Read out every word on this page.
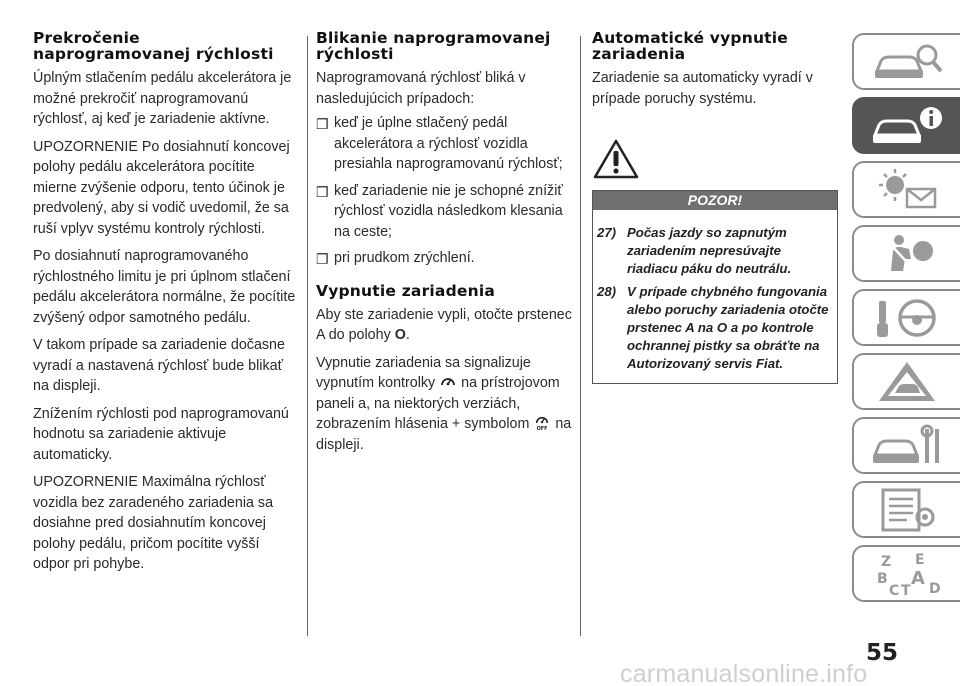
Prekročenie naprogramovanej rýchlosti

Úplným stlačením pedálu akcelerátora je možné prekročiť naprogramovanú rýchlosť, aj keď je zariadenie aktívne.

UPOZORNENIE Po dosiahnutí koncovej polohy pedálu akcelerátora pocítite mierne zvýšenie odporu, tento účinok je predvolený, aby si vodič uvedomil, že sa ruší vplyv systému kontroly rýchlosti.

Po dosiahnutí naprogramovaného rýchlostného limitu je pri úplnom stlačení pedálu akcelerátora normálne, že pocítite zvýšený odpor samotného pedálu.

V takom prípade sa zariadenie dočasne vyradí a nastavená rýchlosť bude blikať na displeji.

Znížením rýchlosti pod naprogramovanú hodnotu sa zariadenie aktivuje automaticky.

UPOZORNENIE Maximálna rýchlosť vozidla bez zaradeného zariadenia sa dosiahne pred dosiahnutím koncovej polohy pedálu, pričom pocítite vyšší odpor pri pohybe.

Blikanie naprogramovanej rýchlosti

Naprogramovaná rýchlosť bliká v nasledujúcich prípadoch:

❒ keď je úplne stlačený pedál akcelerátora a rýchlosť vozidla presiahla naprogramovanú rýchlosť;
❒ keď zariadenie nie je schopné znížiť rýchlosť vozidla následkom klesania na ceste;
❒ pri prudkom zrýchlení.
Vypnutie zariadenia

Aby ste zariadenie vypli, otočte prstenec A do polohy O.

Vypnutie zariadenia sa signalizuje vypnutím kontrolky na prístrojovom paneli a, na niektorých verziách, zobrazením hlásenia + symbolom OFF na displeji.

Automatické vypnutie zariadenia

Zariadenie sa automaticky vyradí v prípade poruchy systému.

POZOR!
27) Počas jazdy so zapnutým zariadením nepresúvajte riadiacu páku do neutrálu.
28) V prípade chybného fungovania alebo poruchy zariadenia otočte prstenec A na O a po kontrole ochrannej pistky sa obráťte na Autorizovaný servis Fiat.
Z E
B A
C T D
55
carmanualsonline.info
